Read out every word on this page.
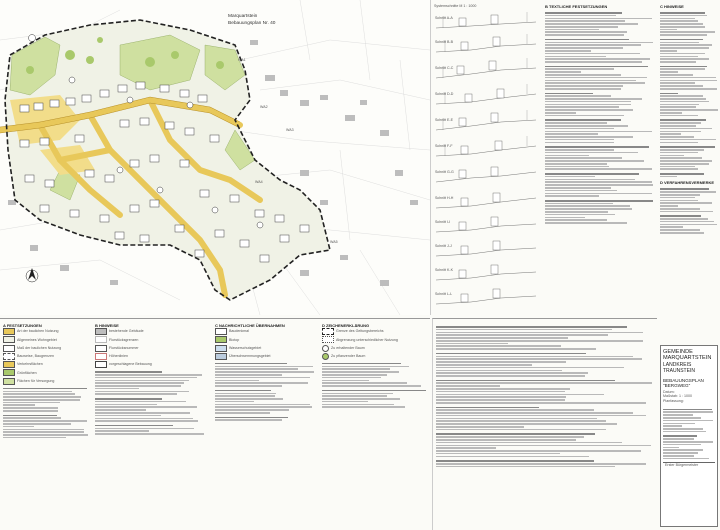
Marquartstein
Bebauungsplan Nr. 40
WA1
WA2
WA3
WA4
WA5
Systemschnitte M 1 : 1000
Schnitt A-A
Schnitt B-B
Schnitt C-C
Schnitt D-D
Schnitt E-E
Schnitt F-F
Schnitt G-G
Schnitt H-H
Schnitt I-I
Schnitt J-J
Schnitt K-K
Schnitt L-L
B TEXTLICHE FESTSETZUNGEN	C HINWEISE
D VERFAHRENSVERMERKE
A FESTSETZUNGEN
Art der baulichen Nutzung
Allgemeines Wohngebiet
Maß der baulichen Nutzung
Bauweise, Baugrenzen
Verkehrsflächen
Grünflächen
Flächen für Versorgung
B HINWEISE
bestehende Gebäude
Flurstücksgrenzen
Flurstücksnummer
Höhenlinien
vorgeschlagene Bebauung
C NACHRICHTLICHE ÜBERNAHMEN
Baudenkmal
Biotop
Wasserschutzgebiet
Überschwemmungsgebiet
D ZEICHENERKLÄRUNG
Grenze des Geltungsbereichs
Abgrenzung unterschiedlicher Nutzung
Zu erhaltender Baum
Zu pflanzender Baum
GEMEINDE MARQUARTSTEIN
LANDKREIS TRAUNSTEIN
BEBAUUNGSPLAN "BERGWEG"
Datum:
Maßstab: 1 : 1000
Planfassung:
Erster Bürgermeister
